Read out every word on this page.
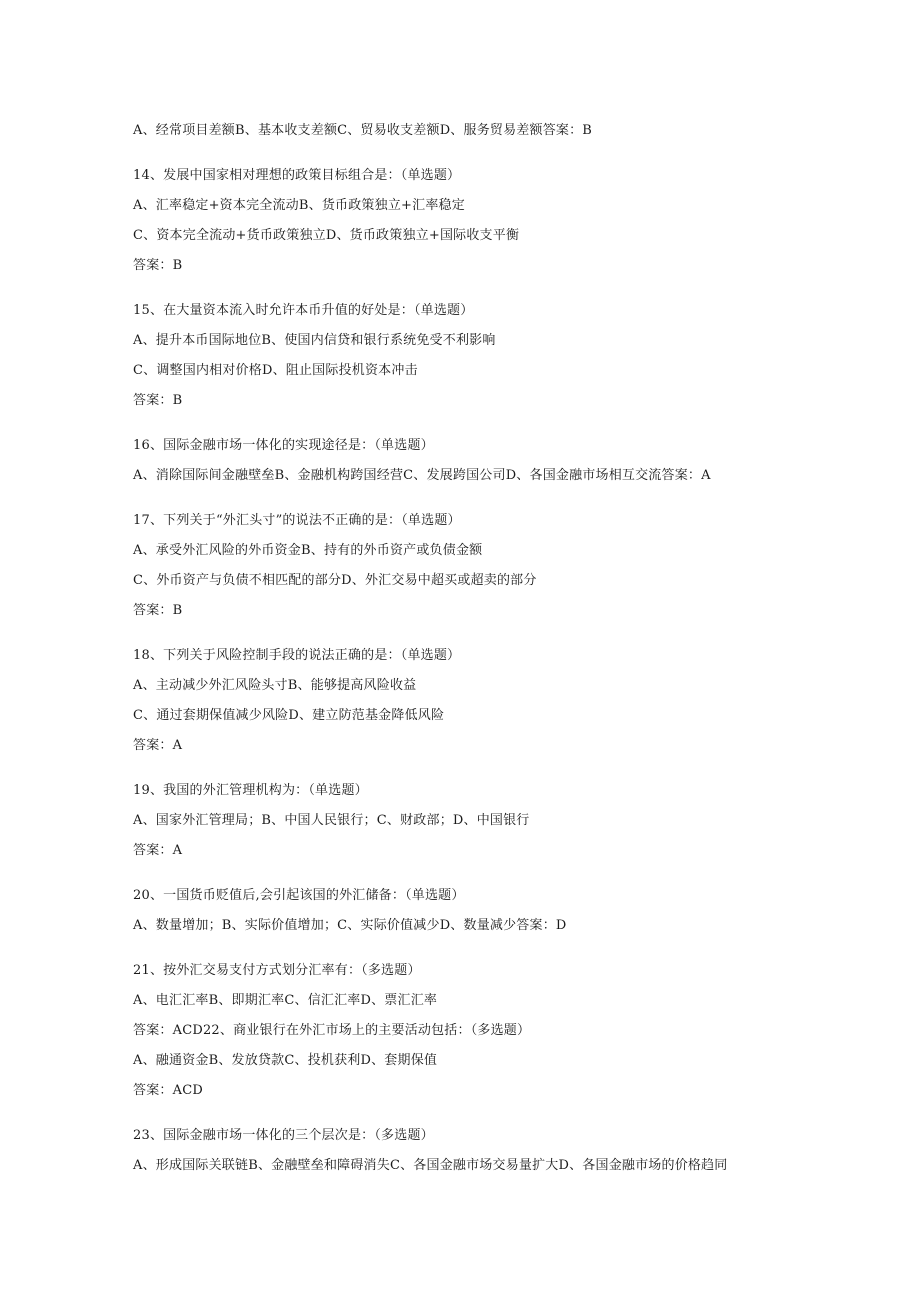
A、经常项目差额B、基本收支差额C、贸易收支差额D、服务贸易差额答案：B
14、发展中国家相对理想的政策目标组合是：（单选题）
A、汇率稳定+资本完全流动B、货币政策独立+汇率稳定
C、资本完全流动+货币政策独立D、货币政策独立+国际收支平衡
答案：B
15、在大量资本流入时允许本币升值的好处是：（单选题）
A、提升本币国际地位B、使国内信贷和银行系统免受不利影响
C、调整国内相对价格D、阻止国际投机资本冲击
答案：B
16、国际金融市场一体化的实现途径是：（单选题）
A、消除国际间金融壁垒B、金融机构跨国经营C、发展跨国公司D、各国金融市场相互交流答案：A
17、下列关于“外汇头寸”的说法不正确的是：（单选题）
A、承受外汇风险的外币资金B、持有的外币资产或负债金额
C、外币资产与负债不相匹配的部分D、外汇交易中超买或超卖的部分
答案：B
18、下列关于风险控制手段的说法正确的是：（单选题）
A、主动减少外汇风险头寸B、能够提高风险收益
C、通过套期保值减少风险D、建立防范基金降低风险
答案：A
19、我国的外汇管理机构为：（单选题）
A、国家外汇管理局；B、中国人民银行；C、财政部；D、中国银行
答案：A
20、一国货币贬值后,会引起该国的外汇储备：（单选题）
A、数量增加；B、实际价值增加；C、实际价值减少D、数量减少答案：D
21、按外汇交易支付方式划分汇率有：（多选题）
A、电汇汇率B、即期汇率C、信汇汇率D、票汇汇率
答案：ACD22、商业银行在外汇市场上的主要活动包括：（多选题）
A、融通资金B、发放贷款C、投机获利D、套期保值
答案：ACD
23、国际金融市场一体化的三个层次是：（多选题）
A、形成国际关联链B、金融壁垒和障碍消失C、各国金融市场交易量扩大D、各国金融市场的价格趋同
